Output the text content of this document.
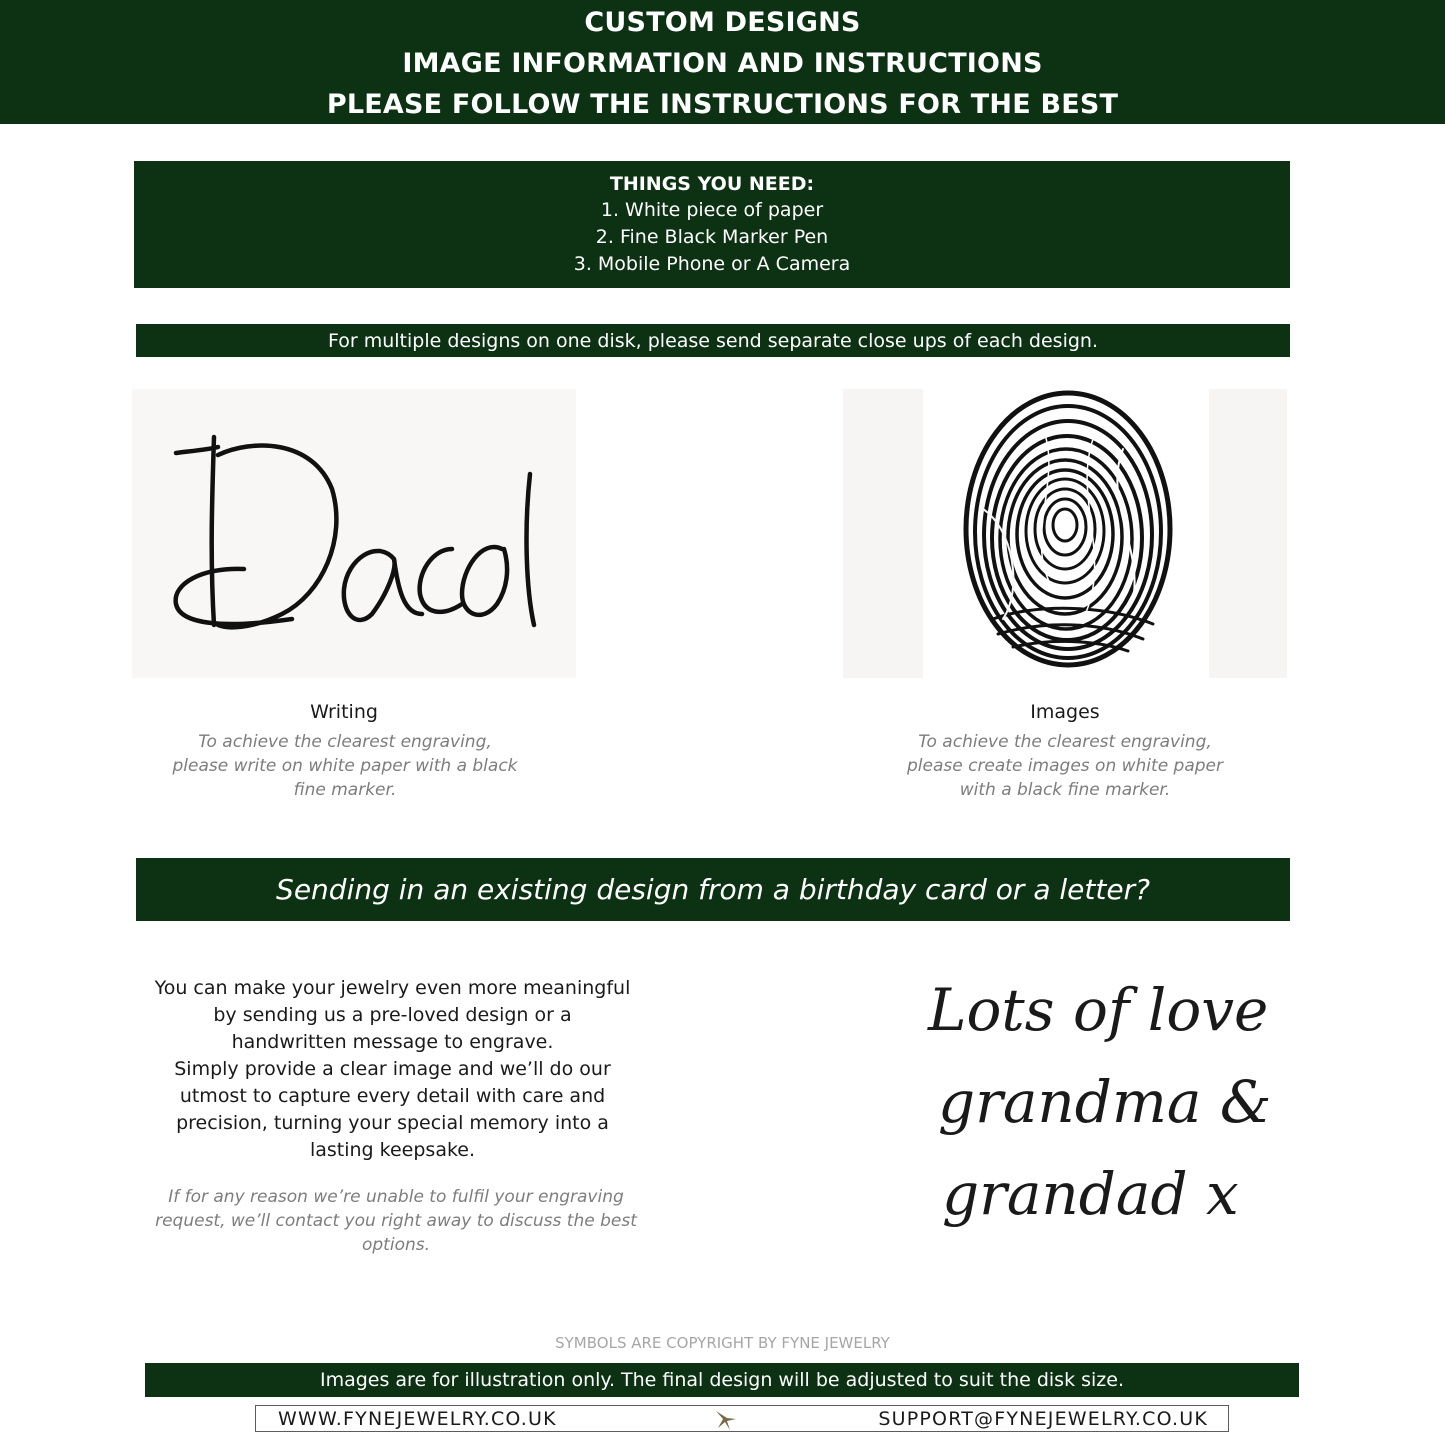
CUSTOM DESIGNS
IMAGE INFORMATION AND INSTRUCTIONS
PLEASE FOLLOW THE INSTRUCTIONS FOR THE BEST
THINGS YOU NEED:
1. White piece of paper
2. Fine Black Marker Pen
3. Mobile Phone or A Camera
For multiple designs on one disk, please send separate close ups of each design.
Writing
To achieve the clearest engraving,
please write on white paper with a black
fine marker.
Images
To achieve the clearest engraving,
please create images on white paper
with a black fine marker.
Sending in an existing design from a birthday card or a letter?
You can make your jewelry even more meaningful
by sending us a pre-loved design or a
handwritten message to engrave.
Simply provide a clear image and we’ll do our
utmost to capture every detail with care and
precision, turning your special memory into a
lasting keepsake.
If for any reason we’re unable to fulfil your engraving
request, we’ll contact you right away to discuss the best
options.
Lots of love
grandma &
grandad x
SYMBOLS ARE COPYRIGHT BY FYNE JEWELRY
Images are for illustration only. The final design will be adjusted to suit the disk size.
WWW.FYNEJEWELRY.CO.UK	SUPPORT@FYNEJEWELRY.CO.UK
